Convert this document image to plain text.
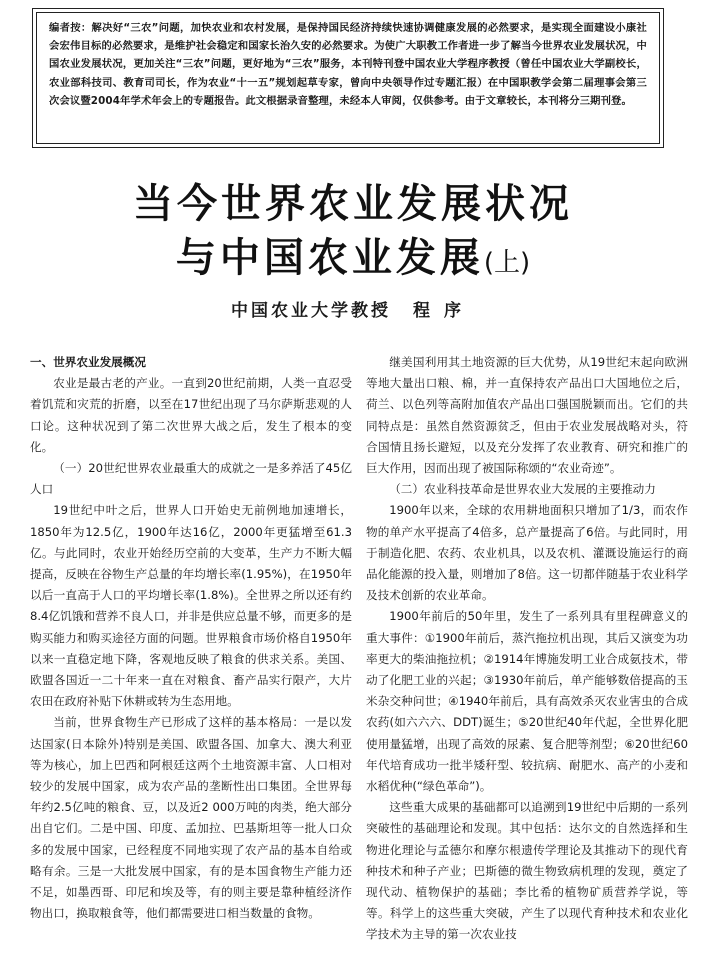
编者按：解决好“三农”问题，加快农业和农村发展，是保持国民经济持续快速协调健康发展的必然要求，是实现全面建设小康社会宏伟目标的必然要求，是维护社会稳定和国家长治久安的必然要求。为使广大职教工作者进一步了解当今世界农业发展状况，中国农业发展状况，更加关注“三农”问题，更好地为“三农”服务，本刊特刊登中国农业大学程序教授（曾任中国农业大学副校长，农业部科技司、教育司司长，作为农业“十一五”规划起草专家，曾向中央领导作过专题汇报）在中国职教学会第二届理事会第三次会议暨2004年学术年会上的专题报告。此文根据录音整理，未经本人审阅，仅供参考。由于文章较长，本刊将分三期刊登。

当今世界农业发展状况
与中国农业发展(上)

中国农业大学教授 程序

一、世界农业发展概况

农业是最古老的产业。一直到20世纪前期，人类一直忍受着饥荒和灾荒的折磨，以至在17世纪出现了马尔萨斯悲观的人口论。这种状况到了第二次世界大战之后，发生了根本的变化。

（一）20世纪世界农业最重大的成就之一是多养活了45亿人口

19世纪中叶之后，世界人口开始史无前例地加速增长，1850年为12.5亿，1900年达16亿，2000年更猛增至61.3亿。与此同时，农业开始经历空前的大变革，生产力不断大幅提高，反映在谷物生产总量的年均增长率(1.95%)，在1950年以后一直高于人口的平均增长率(1.8%)。全世界之所以还有约8.4亿饥饿和营养不良人口，并非是供应总量不够，而更多的是购买能力和购买途径方面的问题。世界粮食市场价格自1950年以来一直稳定地下降，客观地反映了粮食的供求关系。美国、欧盟各国近一二十年来一直在对粮食、畜产品实行限产，大片农田在政府补贴下休耕或转为生态用地。

当前，世界食物生产已形成了这样的基本格局：一是以发达国家(日本除外)特别是美国、欧盟各国、加拿大、澳大利亚等为核心，加上巴西和阿根廷这两个土地资源丰富、人口相对较少的发展中国家，成为农产品的垄断性出口集团。全世界每年约2.5亿吨的粮食、豆，以及近2 000万吨的肉类，绝大部分出自它们。二是中国、印度、孟加拉、巴基斯坦等一批人口众多的发展中国家，已经程度不同地实现了农产品的基本自给或略有余。三是一大批发展中国家，有的是本国食物生产能力还不足，如墨西哥、印尼和埃及等，有的则主要是靠种植经济作物出口，换取粮食等，他们都需要进口相当数量的食物。

继美国利用其土地资源的巨大优势，从19世纪末起向欧洲等地大量出口粮、棉，并一直保持农产品出口大国地位之后，荷兰、以色列等高附加值农产品出口强国脱颖而出。它们的共同特点是：虽然自然资源贫乏，但由于农业发展战略对头，符合国情且扬长避短，以及充分发挥了农业教育、研究和推广的巨大作用，因而出现了被国际称颂的“农业奇迹”。

（二）农业科技革命是世界农业大发展的主要推动力

1900年以来，全球的农用耕地面积只增加了1/3，而农作物的单产水平提高了4倍多，总产量提高了6倍。与此同时，用于制造化肥、农药、农业机具，以及农机、灌溉设施运行的商品化能源的投入量，则增加了8倍。这一切都伴随基于农业科学及技术创新的农业革命。

1900年前后的50年里，发生了一系列具有里程碑意义的重大事件：①1900年前后，蒸汽拖拉机出现，其后又演变为功率更大的柴油拖拉机；②1914年博施发明工业合成氨技术，带动了化肥工业的兴起；③1930年前后，单产能够数倍提高的玉米杂交种问世；④1940年前后，具有高效杀灭农业害虫的合成农药(如六六六、DDT)诞生；⑤20世纪40年代起，全世界化肥使用量猛增，出现了高效的尿素、复合肥等剂型；⑥20世纪60年代培育成功一批半矮秆型、较抗病、耐肥水、高产的小麦和水稻优种(“绿色革命”)。

这些重大成果的基础都可以追溯到19世纪中后期的一系列突破性的基础理论和发现。其中包括：达尔文的自然选择和生物进化理论与孟德尔和摩尔根遗传学理论及其推动下的现代育种技术和种子产业；巴斯德的微生物致病机理的发现，奠定了现代动、植物保护的基础；李比希的植物矿质营养学说，等等。科学上的这些重大突破，产生了以现代育种技术和农业化学技术为主导的第一次农业技
